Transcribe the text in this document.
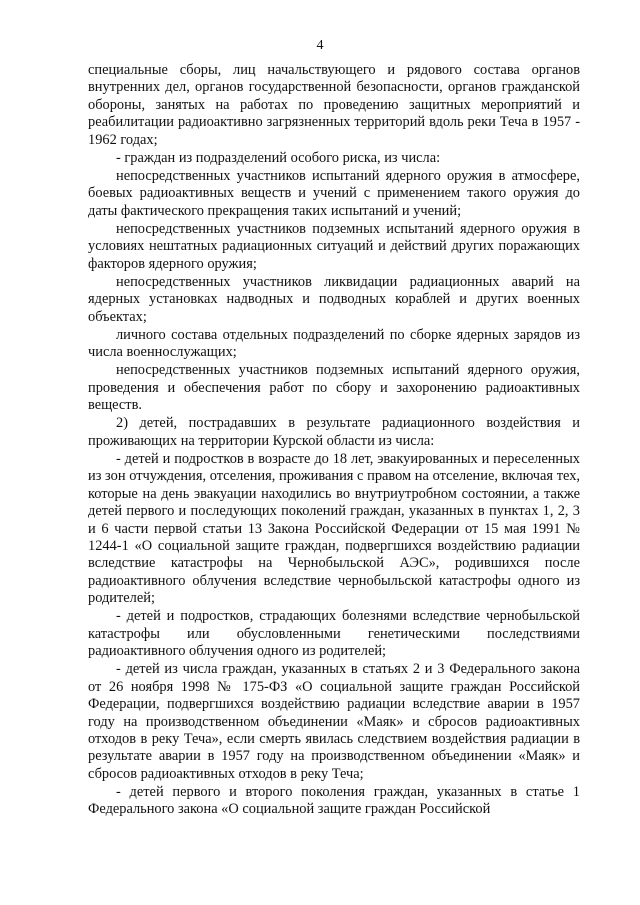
4

специальные сборы, лиц начальствующего и рядового состава органов внутренних дел, органов государственной безопасности, органов гражданской обороны, занятых на работах по проведению защитных мероприятий и реабилитации радиоактивно загрязненных территорий вдоль реки Теча в 1957 - 1962 годах;

- граждан из подразделений особого риска, из числа:

непосредственных участников испытаний ядерного оружия в атмосфере, боевых радиоактивных веществ и учений с применением такого оружия до даты фактического прекращения таких испытаний и учений;

непосредственных участников подземных испытаний ядерного оружия в условиях нештатных радиационных ситуаций и действий других поражающих факторов ядерного оружия;

непосредственных участников ликвидации радиационных аварий на ядерных установках надводных и подводных кораблей и других военных объектах;

личного состава отдельных подразделений по сборке ядерных зарядов из числа военнослужащих;

непосредственных участников подземных испытаний ядерного оружия, проведения и обеспечения работ по сбору и захоронению радиоактивных веществ.

2) детей, пострадавших в результате радиационного воздействия и проживающих на территории Курской области из числа:

- детей и подростков в возрасте до 18 лет, эвакуированных и переселенных из зон отчуждения, отселения, проживания с правом на отселение, включая тех, которые на день эвакуации находились во внутриутробном состоянии, а также детей первого и последующих поколений граждан, указанных в пунктах 1, 2, 3 и 6 части первой статьи 13 Закона Российской Федерации от 15 мая 1991 № 1244-1 «О социальной защите граждан, подвергшихся воздействию радиации вследствие катастрофы на Чернобыльской АЭС», родившихся после радиоактивного облучения вследствие чернобыльской катастрофы одного из родителей;

- детей и подростков, страдающих болезнями вследствие чернобыльской катастрофы или обусловленными генетическими последствиями радиоактивного облучения одного из родителей;

- детей из числа граждан, указанных в статьях 2 и 3 Федерального закона от 26 ноября 1998 № 175-ФЗ «О социальной защите граждан Российской Федерации, подвергшихся воздействию радиации вследствие аварии в 1957 году на производственном объединении «Маяк» и сбросов радиоактивных отходов в реку Теча», если смерть явилась следствием воздействия радиации в результате аварии в 1957 году на производственном объединении «Маяк» и сбросов радиоактивных отходов в реку Теча;

- детей первого и второго поколения граждан, указанных в статье 1 Федерального закона «О социальной защите граждан Российской
